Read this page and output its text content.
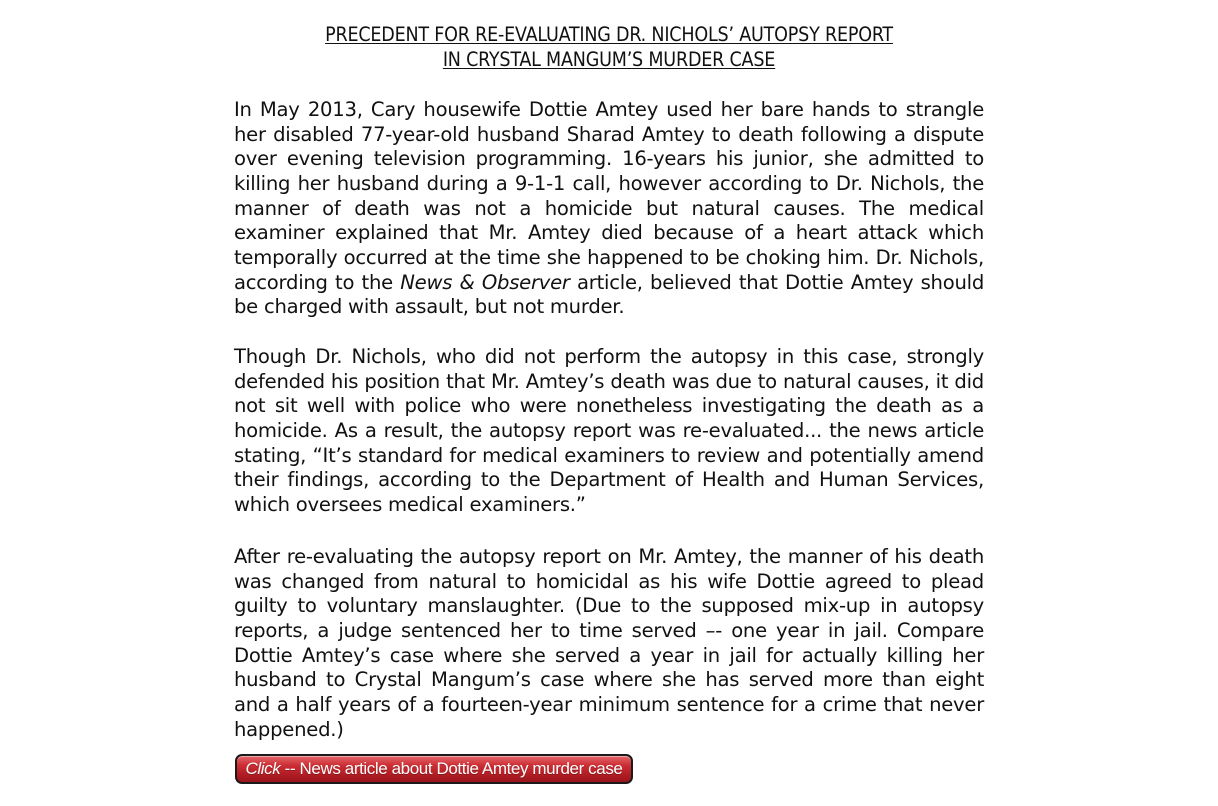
PRECEDENT FOR RE-EVALUATING DR. NICHOLS’ AUTOPSY REPORT
IN CRYSTAL MANGUM’S MURDER CASE

In May 2013, Cary housewife Dottie Amtey used her bare hands to strangle her disabled 77-year-old husband Sharad Amtey to death following a dispute over evening television programming. 16-years his junior, she admitted to killing her husband during a 9-1-1 call, however according to Dr. Nichols, the manner of death was not a homicide but natural causes. The medical examiner explained that Mr. Amtey died because of a heart attack which temporally occurred at the time she happened to be choking him. Dr. Nichols, according to the News & Observer article, believed that Dottie Amtey should be charged with assault, but not murder.

Though Dr. Nichols, who did not perform the autopsy in this case, strongly defended his position that Mr. Amtey’s death was due to natural causes, it did not sit well with police who were nonetheless investigating the death as a homicide. As a result, the autopsy report was re-evaluated... the news article stating, “It’s standard for medical examiners to review and potentially amend their findings, according to the Department of Health and Human Services, which oversees medical examiners.”

After re-evaluating the autopsy report on Mr. Amtey, the manner of his death was changed from natural to homicidal as his wife Dottie agreed to plead guilty to voluntary manslaughter. (Due to the supposed mix-up in autopsy reports, a judge sentenced her to time served –- one year in jail. Compare Dottie Amtey’s case where she served a year in jail for actually killing her husband to Crystal Mangum’s case where she has served more than eight and a half years of a fourteen-year minimum sentence for a crime that never happened.)

Click -- News article about Dottie Amtey murder case
